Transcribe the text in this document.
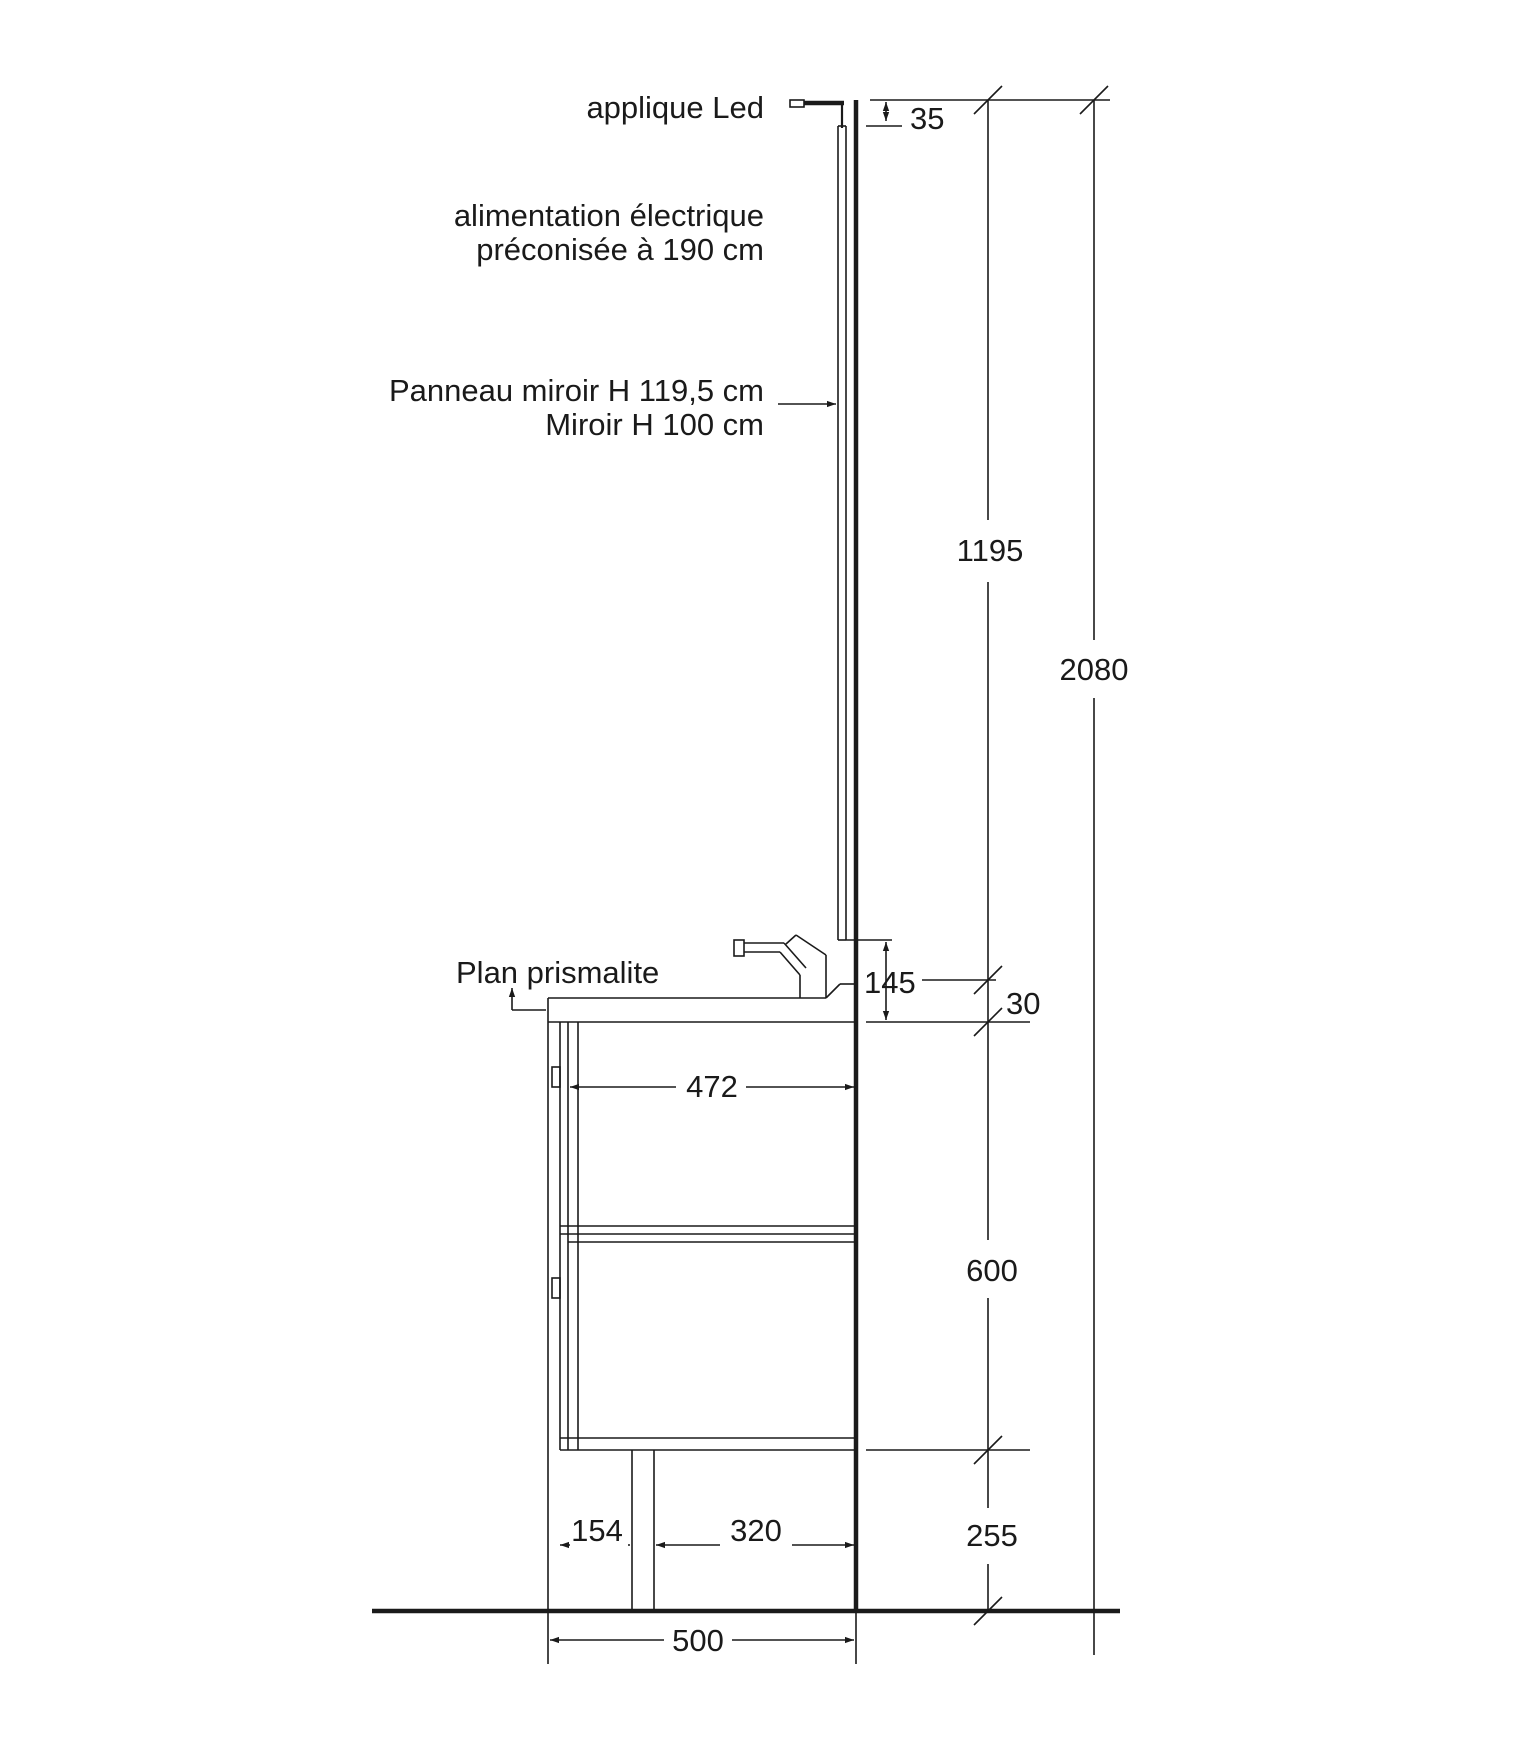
applique Led
alimentation électrique
préconisée à 190 cm
Panneau miroir H 119,5 cm
Miroir H 100 cm
Plan prismalite
35
1195
2080
145
30
472
600
255
154	320
500
